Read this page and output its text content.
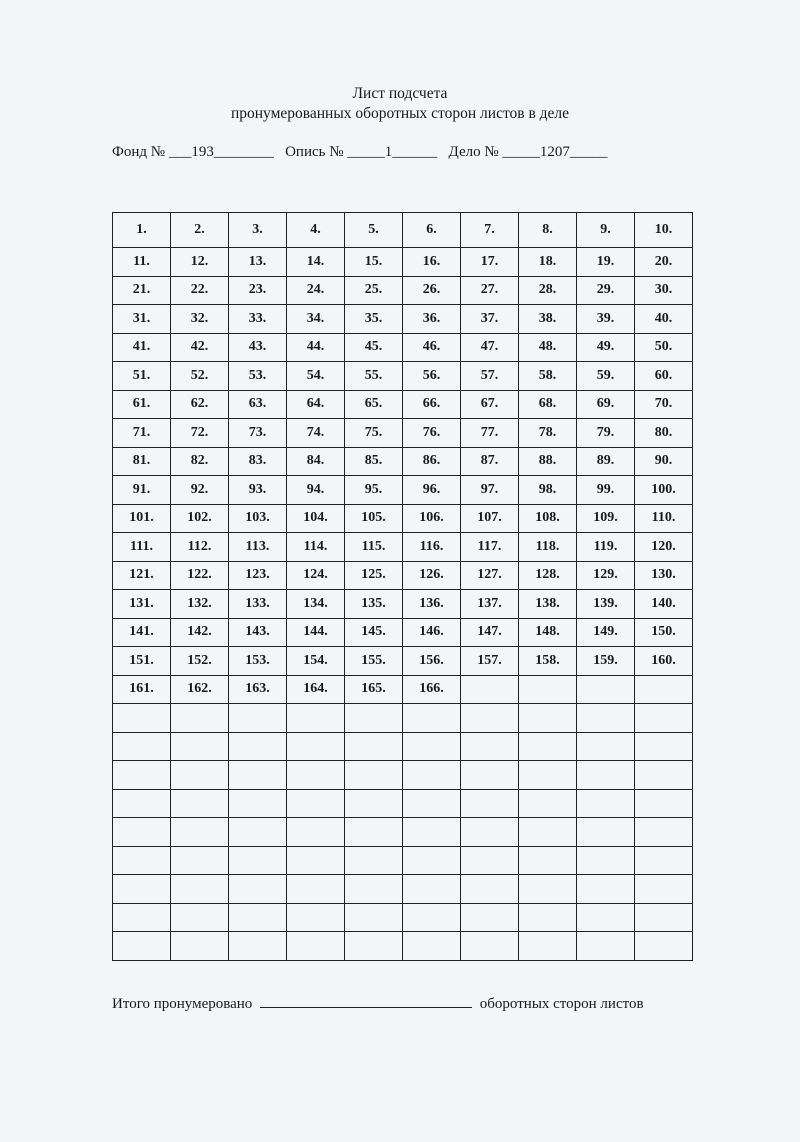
Лист подсчета
пронумерованных оборотных сторон листов в деле
Фонд № ___193________   Опись № _____1______   Дело № _____1207_____
1.	2.	3.	4.	5.	6.	7.	8.	9.	10.
11.	12.	13.	14.	15.	16.	17.	18.	19.	20.
21.	22.	23.	24.	25.	26.	27.	28.	29.	30.
31.	32.	33.	34.	35.	36.	37.	38.	39.	40.
41.	42.	43.	44.	45.	46.	47.	48.	49.	50.
51.	52.	53.	54.	55.	56.	57.	58.	59.	60.
61.	62.	63.	64.	65.	66.	67.	68.	69.	70.
71.	72.	73.	74.	75.	76.	77.	78.	79.	80.
81.	82.	83.	84.	85.	86.	87.	88.	89.	90.
91.	92.	93.	94.	95.	96.	97.	98.	99.	100.
101.	102.	103.	104.	105.	106.	107.	108.	109.	110.
111.	112.	113.	114.	115.	116.	117.	118.	119.	120.
121.	122.	123.	124.	125.	126.	127.	128.	129.	130.
131.	132.	133.	134.	135.	136.	137.	138.	139.	140.
141.	142.	143.	144.	145.	146.	147.	148.	149.	150.
151.	152.	153.	154.	155.	156.	157.	158.	159.	160.
161.	162.	163.	164.	165.	166.				

Итого пронумеровано	оборотных сторон листов
